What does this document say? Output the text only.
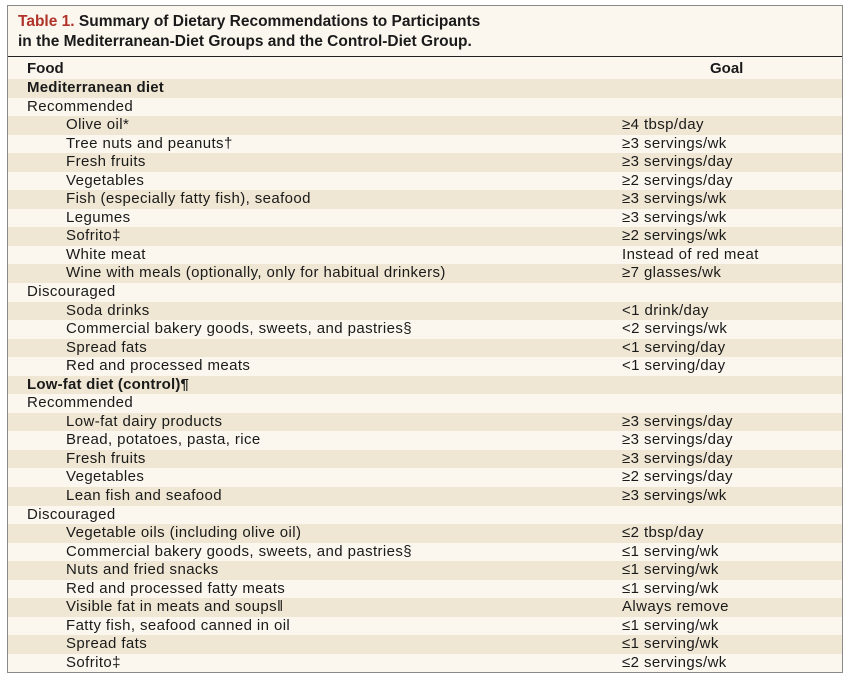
Table 1. Summary of Dietary Recommendations to Participants
in the Mediterranean-Diet Groups and the Control-Diet Group.
Food	Goal
Mediterranean diet
Recommended
Olive oil*	≥4 tbsp/day
Tree nuts and peanuts†	≥3 servings/wk
Fresh fruits	≥3 servings/day
Vegetables	≥2 servings/day
Fish (especially fatty fish), seafood	≥3 servings/wk
Legumes	≥3 servings/wk
Sofrito‡	≥2 servings/wk
White meat	Instead of red meat
Wine with meals (optionally, only for habitual drinkers)	≥7 glasses/wk
Discouraged
Soda drinks	<1 drink/day
Commercial bakery goods, sweets, and pastries§	<2 servings/wk
Spread fats	<1 serving/day
Red and processed meats	<1 serving/day
Low-fat diet (control)¶
Recommended
Low-fat dairy products	≥3 servings/day
Bread, potatoes, pasta, rice	≥3 servings/day
Fresh fruits	≥3 servings/day
Vegetables	≥2 servings/day
Lean fish and seafood	≥3 servings/wk
Discouraged
Vegetable oils (including olive oil)	≤2 tbsp/day
Commercial bakery goods, sweets, and pastries§	≤1 serving/wk
Nuts and fried snacks	≤1 serving/wk
Red and processed fatty meats	≤1 serving/wk
Visible fat in meats and soups‖	Always remove
Fatty fish, seafood canned in oil	≤1 serving/wk
Spread fats	≤1 serving/wk
Sofrito‡	≤2 servings/wk
